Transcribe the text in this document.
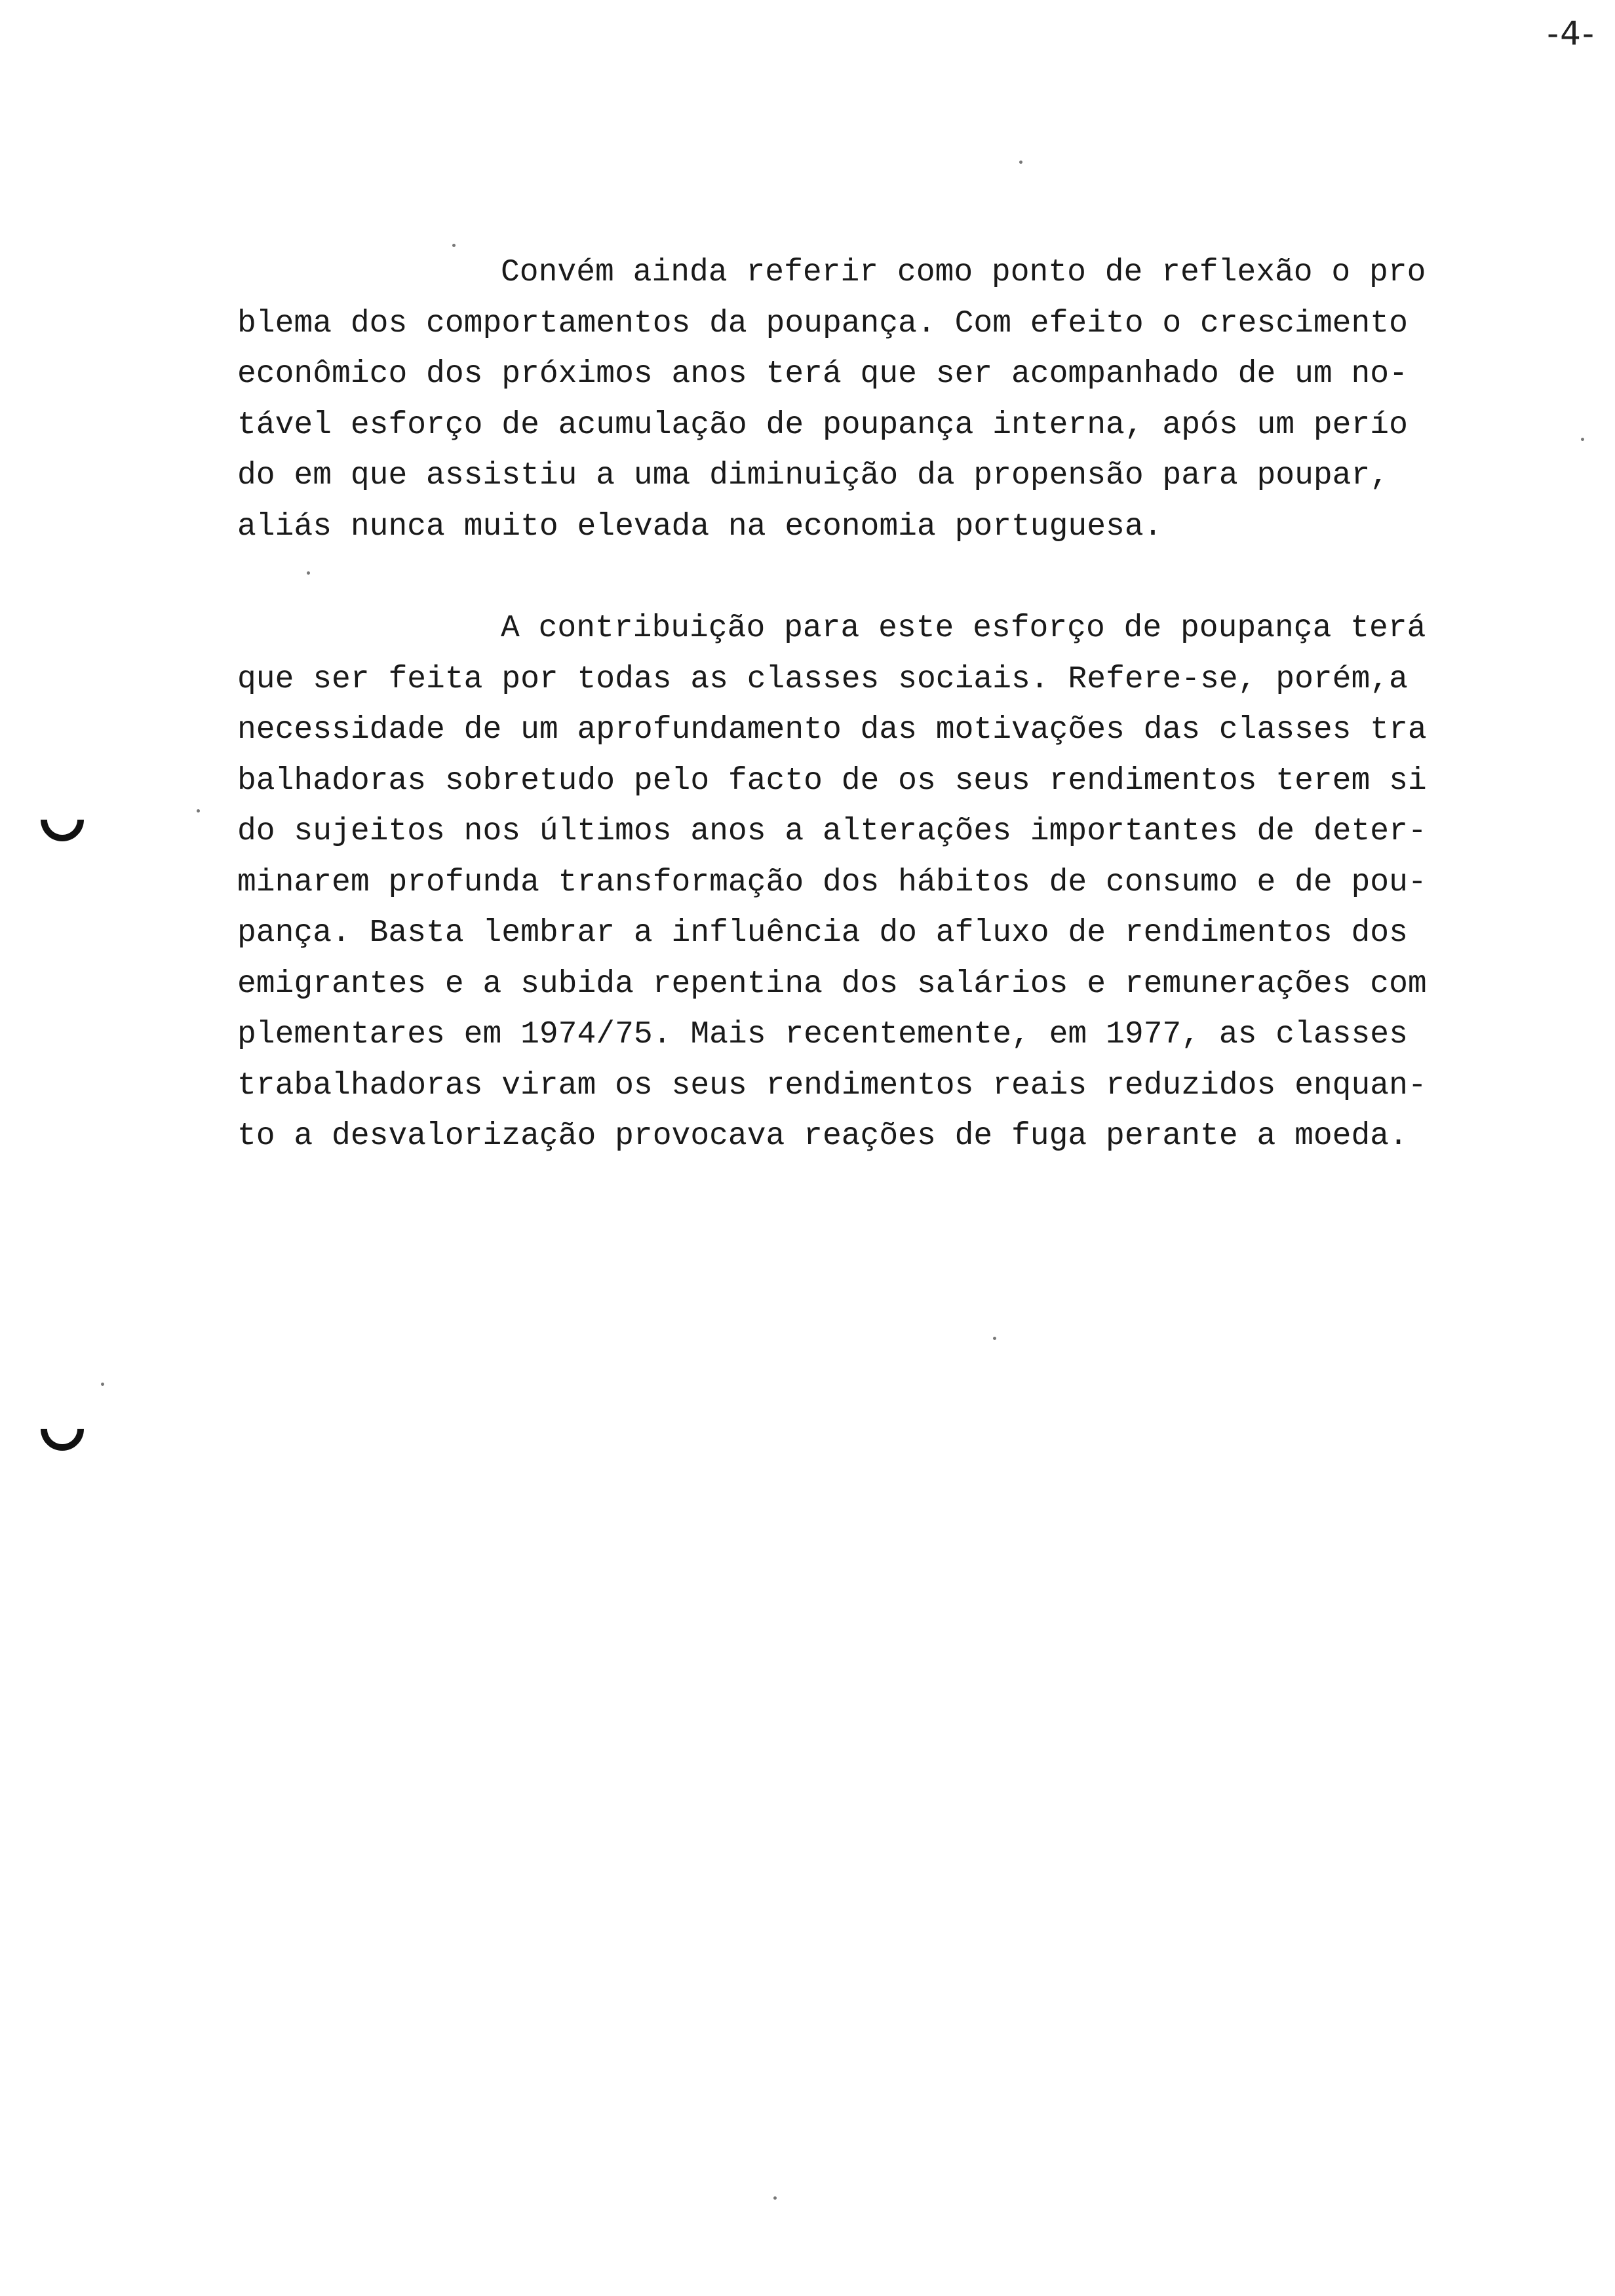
-4-
Convém ainda referir como ponto de reflexão o pro
blema dos comportamentos da poupança. Com efeito o crescimento
econômico dos próximos anos terá que ser acompanhado de um no-
tável esforço de acumulação de poupança interna, após um perío
do em que assistiu a uma diminuição da propensão para poupar,
aliás nunca muito elevada na economia portuguesa.
A contribuição para este esforço de poupança terá
que ser feita por todas as classes sociais. Refere-se, porém,a
necessidade de um aprofundamento das motivações das classes tra
balhadoras sobretudo pelo facto de os seus rendimentos terem si
do sujeitos nos últimos anos a alterações importantes de deter-
minarem profunda transformação dos hábitos de consumo e de pou-
pança. Basta lembrar a influência do afluxo de rendimentos dos
emigrantes e a subida repentina dos salários e remunerações com
plementares em 1974/75. Mais recentemente, em 1977, as classes
trabalhadoras viram os seus rendimentos reais reduzidos enquan-
to a desvalorização provocava reações de fuga perante a moeda.
